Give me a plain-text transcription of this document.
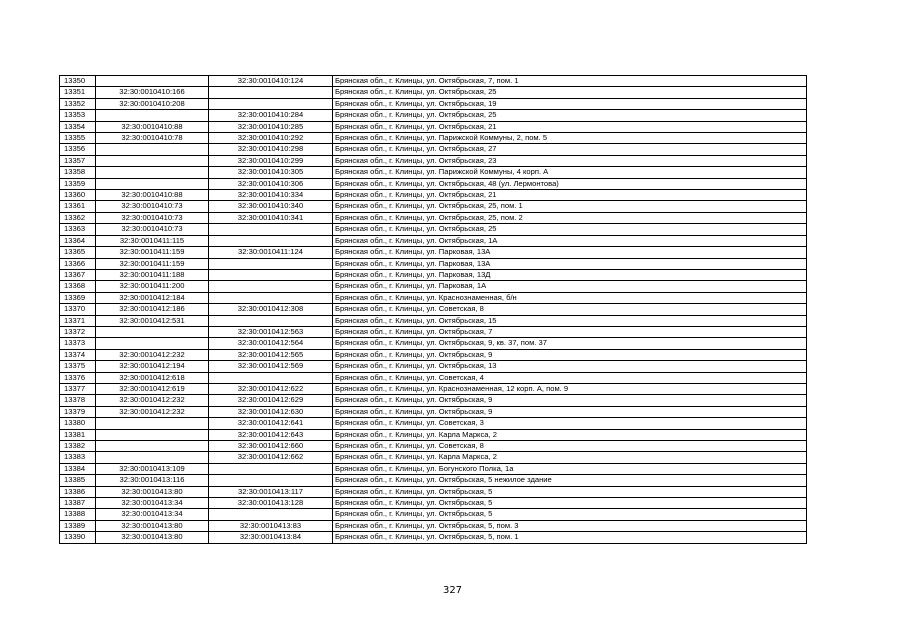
13350		32:30:0010410:124	Брянская обл., г. Клинцы, ул. Октябрьская, 7, пом. 1
13351	32:30:0010410:166		Брянская обл., г. Клинцы, ул. Октябрьская, 25
13352	32:30:0010410:208		Брянская обл., г. Клинцы, ул. Октябрьская, 19
13353		32:30:0010410:284	Брянская обл., г. Клинцы, ул. Октябрьская, 25
13354	32:30:0010410:88	32:30:0010410:285	Брянская обл., г. Клинцы, ул. Октябрьская, 21
13355	32:30:0010410:78	32:30:0010410:292	Брянская обл., г. Клинцы, ул. Парижской Коммуны, 2, пом. 5
13356		32:30:0010410:298	Брянская обл., г. Клинцы, ул. Октябрьская, 27
13357		32:30:0010410:299	Брянская обл., г. Клинцы, ул. Октябрьская, 23
13358		32:30:0010410:305	Брянская обл., г. Клинцы, ул. Парижской Коммуны, 4 корп. А
13359		32:30:0010410:306	Брянская обл., г. Клинцы, ул. Октябрьская, 48 (ул. Лермонтова)
13360	32:30:0010410:88	32:30:0010410:334	Брянская обл., г. Клинцы, ул. Октябрьская, 21
13361	32:30:0010410:73	32:30:0010410:340	Брянская обл., г. Клинцы, ул. Октябрьская, 25, пом. 1
13362	32:30:0010410:73	32:30:0010410:341	Брянская обл., г. Клинцы, ул. Октябрьская, 25, пом. 2
13363	32:30:0010410:73		Брянская обл., г. Клинцы, ул. Октябрьская, 25
13364	32:30:0010411:115		Брянская обл., г. Клинцы, ул. Октябрьская, 1А
13365	32:30:0010411:159	32:30:0010411:124	Брянская обл., г. Клинцы, ул. Парковая, 13А
13366	32:30:0010411:159		Брянская обл., г. Клинцы, ул. Парковая, 13А
13367	32:30:0010411:188		Брянская обл., г. Клинцы, ул. Парковая, 13Д
13368	32:30:0010411:200		Брянская обл., г. Клинцы, ул. Парковая, 1А
13369	32:30:0010412:184		Брянская обл., г. Клинцы, ул. Краснознаменная, б/н
13370	32:30:0010412:186	32:30:0010412:308	Брянская обл., г. Клинцы, ул. Советская, 8
13371	32:30:0010412:531		Брянская обл., г. Клинцы, ул. Октябрьская, 15
13372		32:30:0010412:563	Брянская обл., г. Клинцы, ул. Октябрьская, 7
13373		32:30:0010412:564	Брянская обл., г. Клинцы, ул. Октябрьская, 9, кв. 37, пом. 37
13374	32:30:0010412:232	32:30:0010412:565	Брянская обл., г. Клинцы, ул. Октябрьская, 9
13375	32:30:0010412:194	32:30:0010412:569	Брянская обл., г. Клинцы, ул. Октябрьская, 13
13376	32:30:0010412:618		Брянская обл., г. Клинцы, ул. Советская, 4
13377	32:30:0010412:619	32:30:0010412:622	Брянская обл., г. Клинцы, ул. Краснознаменная, 12 корп. А, пом. 9
13378	32:30:0010412:232	32:30:0010412:629	Брянская обл., г. Клинцы, ул. Октябрьская, 9
13379	32:30:0010412:232	32:30:0010412:630	Брянская обл., г. Клинцы, ул. Октябрьская, 9
13380		32:30:0010412:641	Брянская обл., г. Клинцы, ул. Советская, 3
13381		32:30:0010412:643	Брянская обл., г. Клинцы, ул. Карла Маркса, 2
13382		32:30:0010412:660	Брянская обл., г. Клинцы, ул. Советская, 8
13383		32:30:0010412:662	Брянская обл., г. Клинцы, ул. Карла Маркса, 2
13384	32:30:0010413:109		Брянская обл., г. Клинцы, ул. Богунского Полка, 1а
13385	32:30:0010413:116		Брянская обл., г. Клинцы, ул. Октябрьская, 5 нежилое здание
13386	32:30:0010413:80	32:30:0010413:117	Брянская обл., г. Клинцы, ул. Октябрьская, 5
13387	32:30:0010413:34	32:30:0010413:128	Брянская обл., г. Клинцы, ул. Октябрьская, 5
13388	32:30:0010413:34		Брянская обл., г. Клинцы, ул. Октябрьская, 5
13389	32:30:0010413:80	32:30:0010413:83	Брянская обл., г. Клинцы, ул. Октябрьская, 5, пом. 3
13390	32:30:0010413:80	32:30:0010413:84	Брянская обл., г. Клинцы, ул. Октябрьская, 5, пом. 1
327
